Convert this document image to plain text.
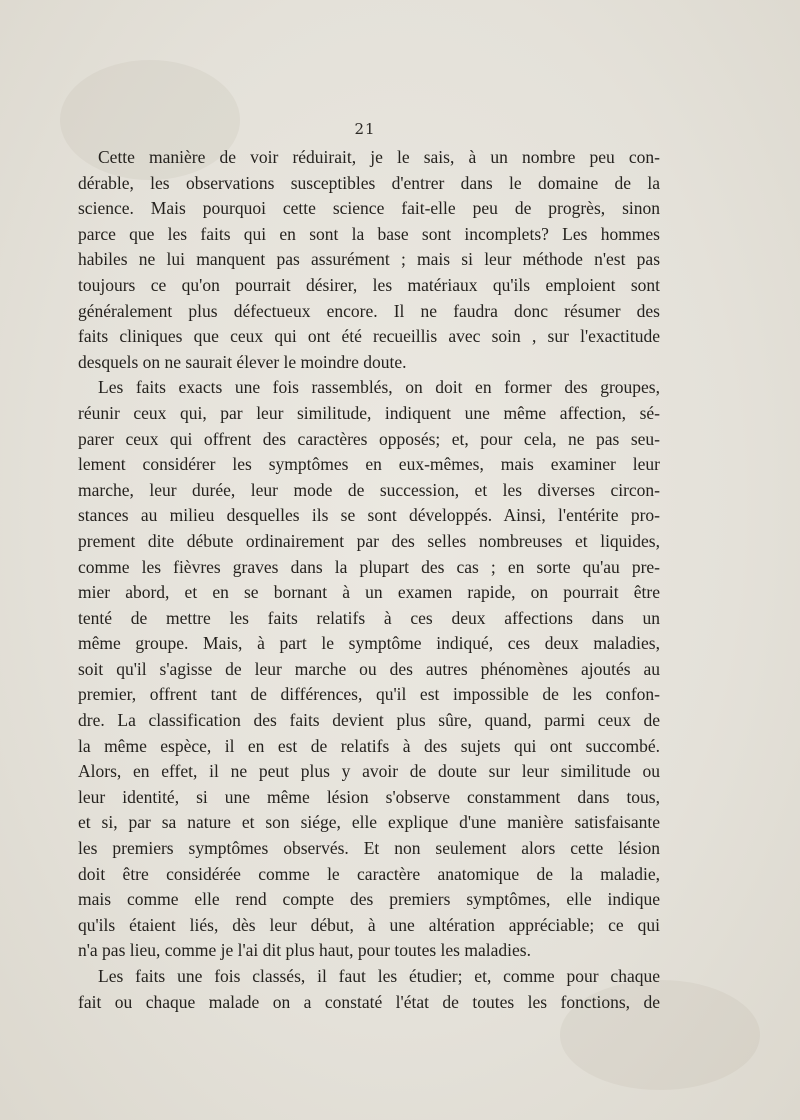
21
Cette manière de voir réduirait, je le sais, à un nombre peu con-
dérable, les observations susceptibles d'entrer dans le domaine de la
science. Mais pourquoi cette science fait-elle peu de progrès, sinon
parce que les faits qui en sont la base sont incomplets? Les hommes
habiles ne lui manquent pas assurément ; mais si leur méthode n'est pas
toujours ce qu'on pourrait désirer, les matériaux qu'ils emploient sont
généralement plus défectueux encore. Il ne faudra donc résumer des
faits cliniques que ceux qui ont été recueillis avec soin , sur l'exactitude
desquels on ne saurait élever le moindre doute.
Les faits exacts une fois rassemblés, on doit en former des groupes,
réunir ceux qui, par leur similitude, indiquent une même affection, sé-
parer ceux qui offrent des caractères opposés; et, pour cela, ne pas seu-
lement considérer les symptômes en eux-mêmes, mais examiner leur
marche, leur durée, leur mode de succession, et les diverses circon-
stances au milieu desquelles ils se sont développés. Ainsi, l'entérite pro-
prement dite débute ordinairement par des selles nombreuses et liquides,
comme les fièvres graves dans la plupart des cas ; en sorte qu'au pre-
mier abord, et en se bornant à un examen rapide, on pourrait être
tenté de mettre les faits relatifs à ces deux affections dans un
même groupe. Mais, à part le symptôme indiqué, ces deux maladies,
soit qu'il s'agisse de leur marche ou des autres phénomènes ajoutés au
premier, offrent tant de différences, qu'il est impossible de les confon-
dre. La classification des faits devient plus sûre, quand, parmi ceux de
la même espèce, il en est de relatifs à des sujets qui ont succombé.
Alors, en effet, il ne peut plus y avoir de doute sur leur similitude ou
leur identité, si une même lésion s'observe constamment dans tous,
et si, par sa nature et son siége, elle explique d'une manière satisfaisante
les premiers symptômes observés. Et non seulement alors cette lésion
doit être considérée comme le caractère anatomique de la maladie,
mais comme elle rend compte des premiers symptômes, elle indique
qu'ils étaient liés, dès leur début, à une altération appréciable; ce qui
n'a pas lieu, comme je l'ai dit plus haut, pour toutes les maladies.
Les faits une fois classés, il faut les étudier; et, comme pour chaque
fait ou chaque malade on a constaté l'état de toutes les fonctions, de
